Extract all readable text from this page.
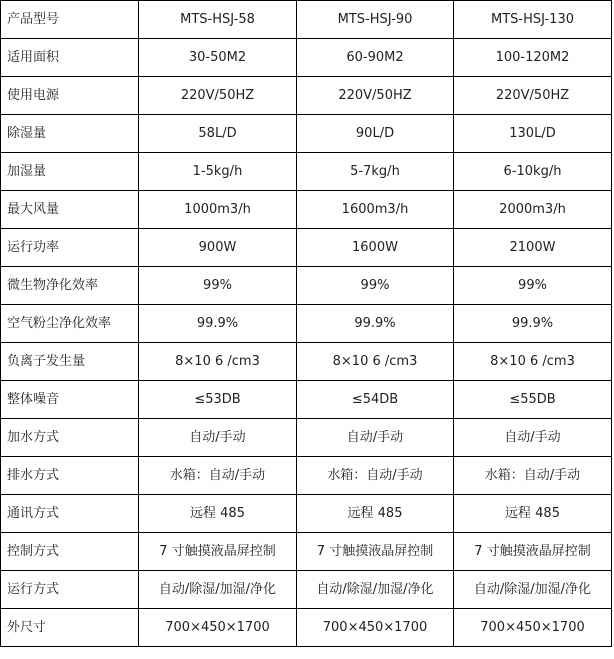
产品型号	MTS-HSJ-58	MTS-HSJ-90	MTS-HSJ-130
适用面积	30-50M2	60-90M2	100-120M2
使用电源	220V/50HZ	220V/50HZ	220V/50HZ
除湿量	58L/D	90L/D	130L/D
加湿量	1-5kg/h	5-7kg/h	6-10kg/h
最大风量	1000m3/h	1600m3/h	2000m3/h
运行功率	900W	1600W	2100W
微生物净化效率	99%	99%	99%
空气粉尘净化效率	99.9%	99.9%	99.9%
负离子发生量	8×10 6 /cm3	8×10 6 /cm3	8×10 6 /cm3
整体噪音	≤53DB	≤54DB	≤55DB
加水方式	自动/手动	自动/手动	自动/手动
排水方式	水箱：自动/手动	水箱：自动/手动	水箱：自动/手动
通讯方式	远程 485	远程 485	远程 485
控制方式	7 寸触摸液晶屏控制	7 寸触摸液晶屏控制	7 寸触摸液晶屏控制
运行方式	自动/除湿/加湿/净化	自动/除湿/加湿/净化	自动/除湿/加湿/净化
外尺寸	700×450×1700	700×450×1700	700×450×1700
